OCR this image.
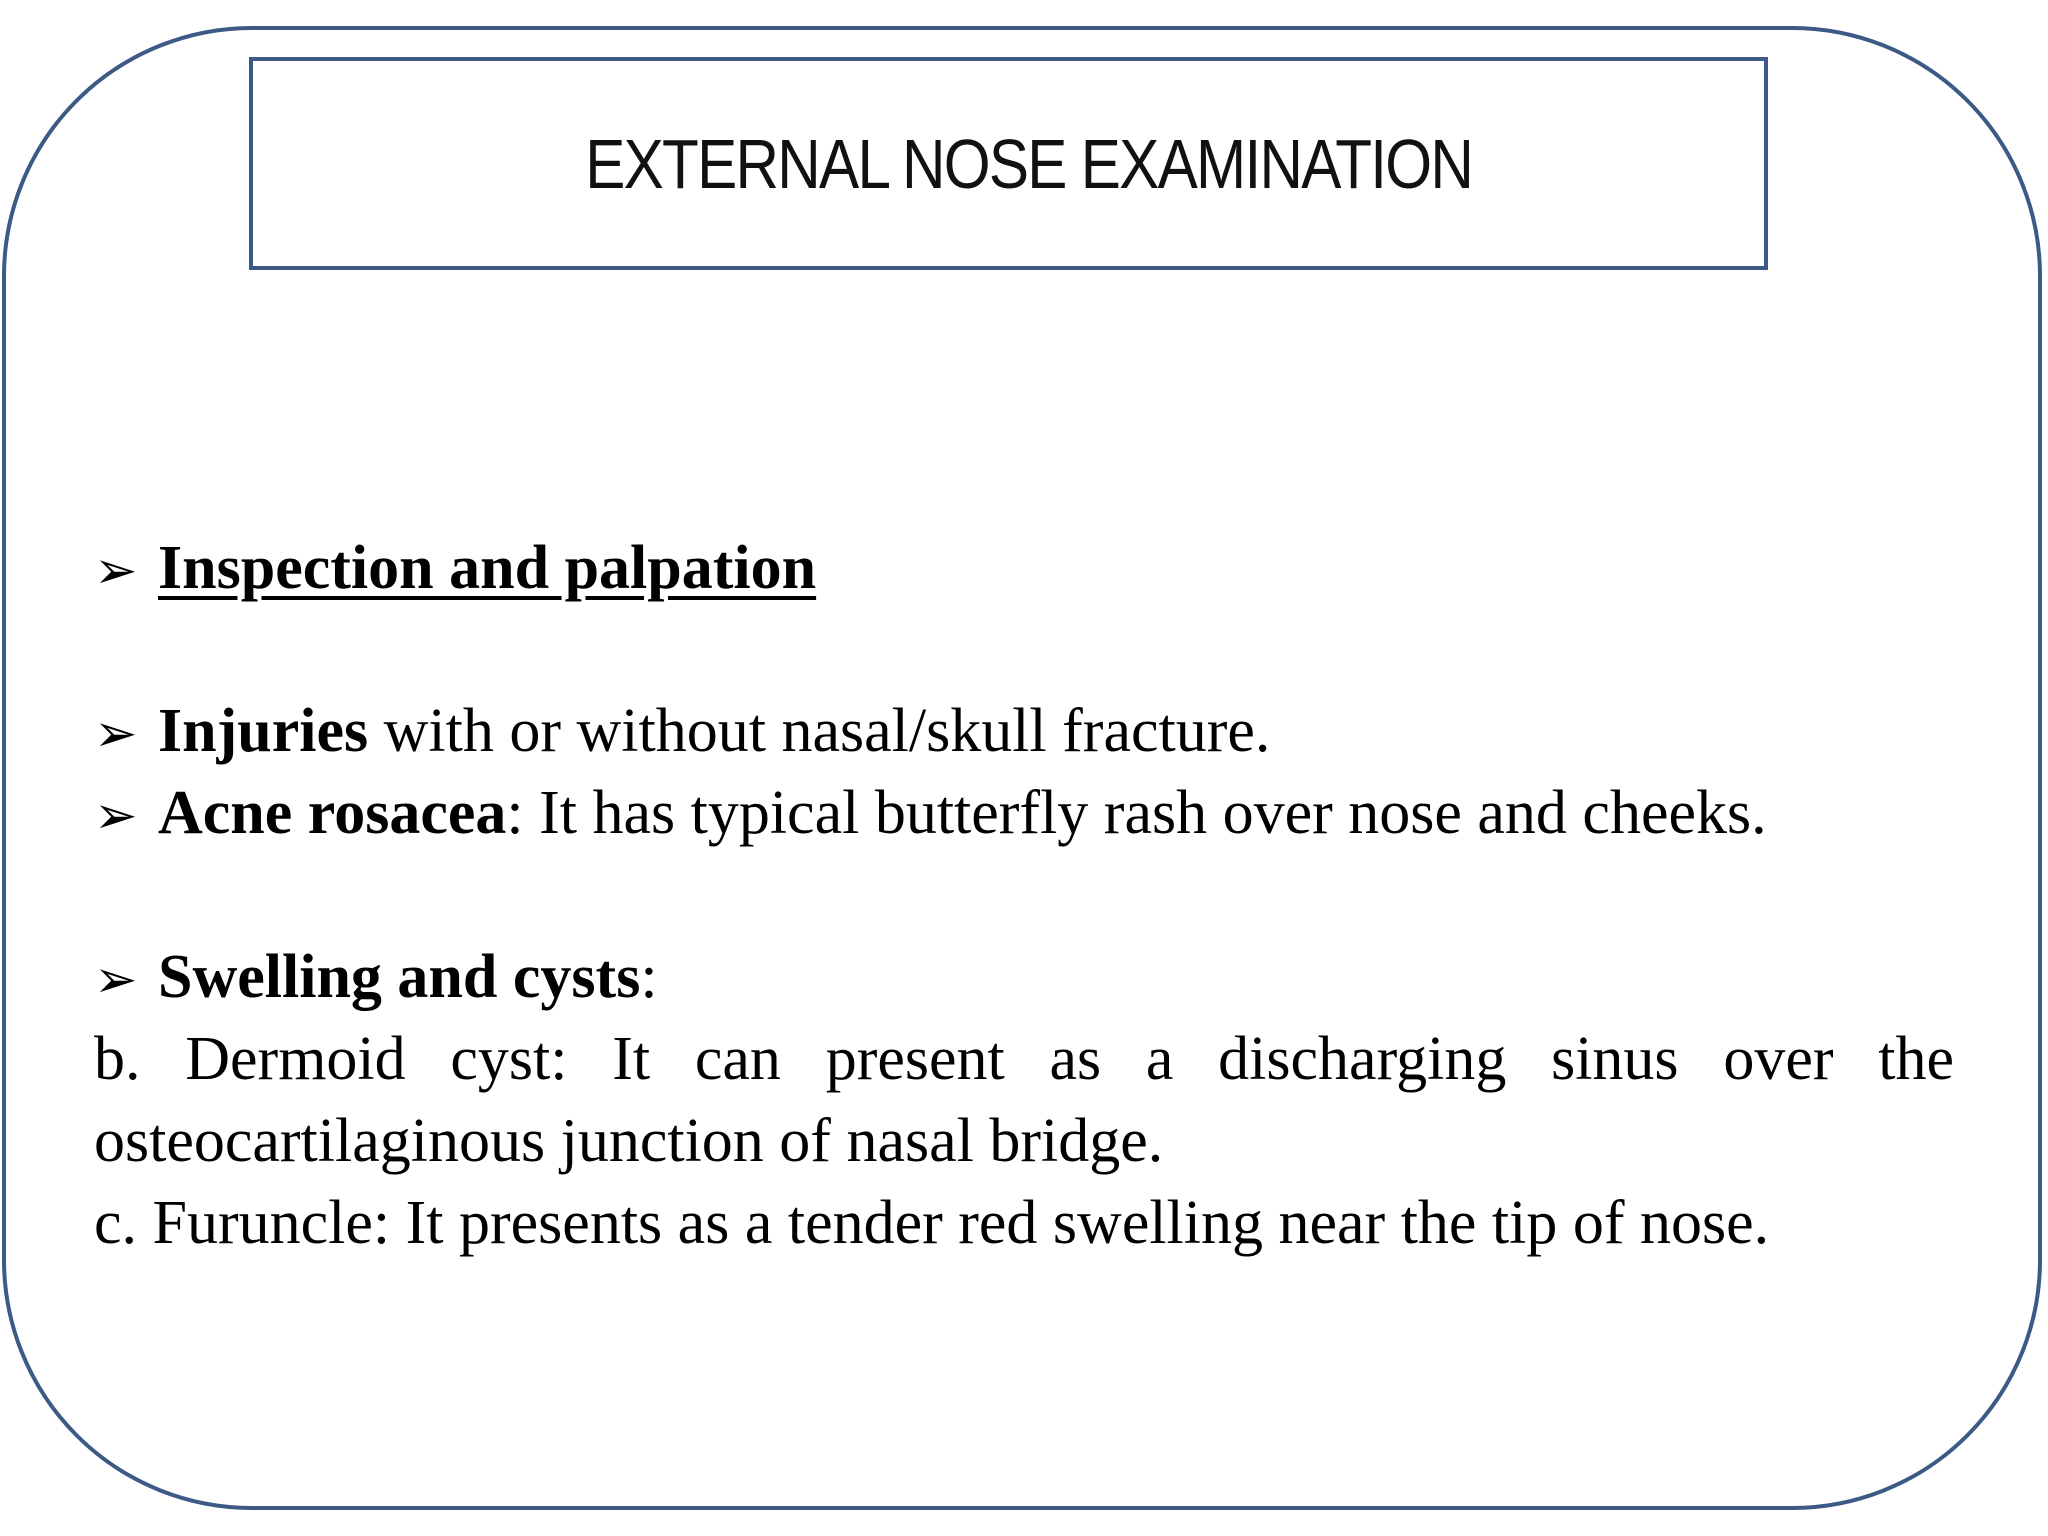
EXTERNAL NOSE EXAMINATION
➢ Inspection and palpation
➢ Injuries with or without nasal/skull fracture.
➢ Acne rosacea: It has typical butterfly rash over nose and cheeks.
➢ Swelling and cysts:
b. Dermoid cyst: It can present as a discharging sinus over the
osteocartilaginous junction of nasal bridge.
c. Furuncle: It presents as a tender red swelling near the tip of nose.
